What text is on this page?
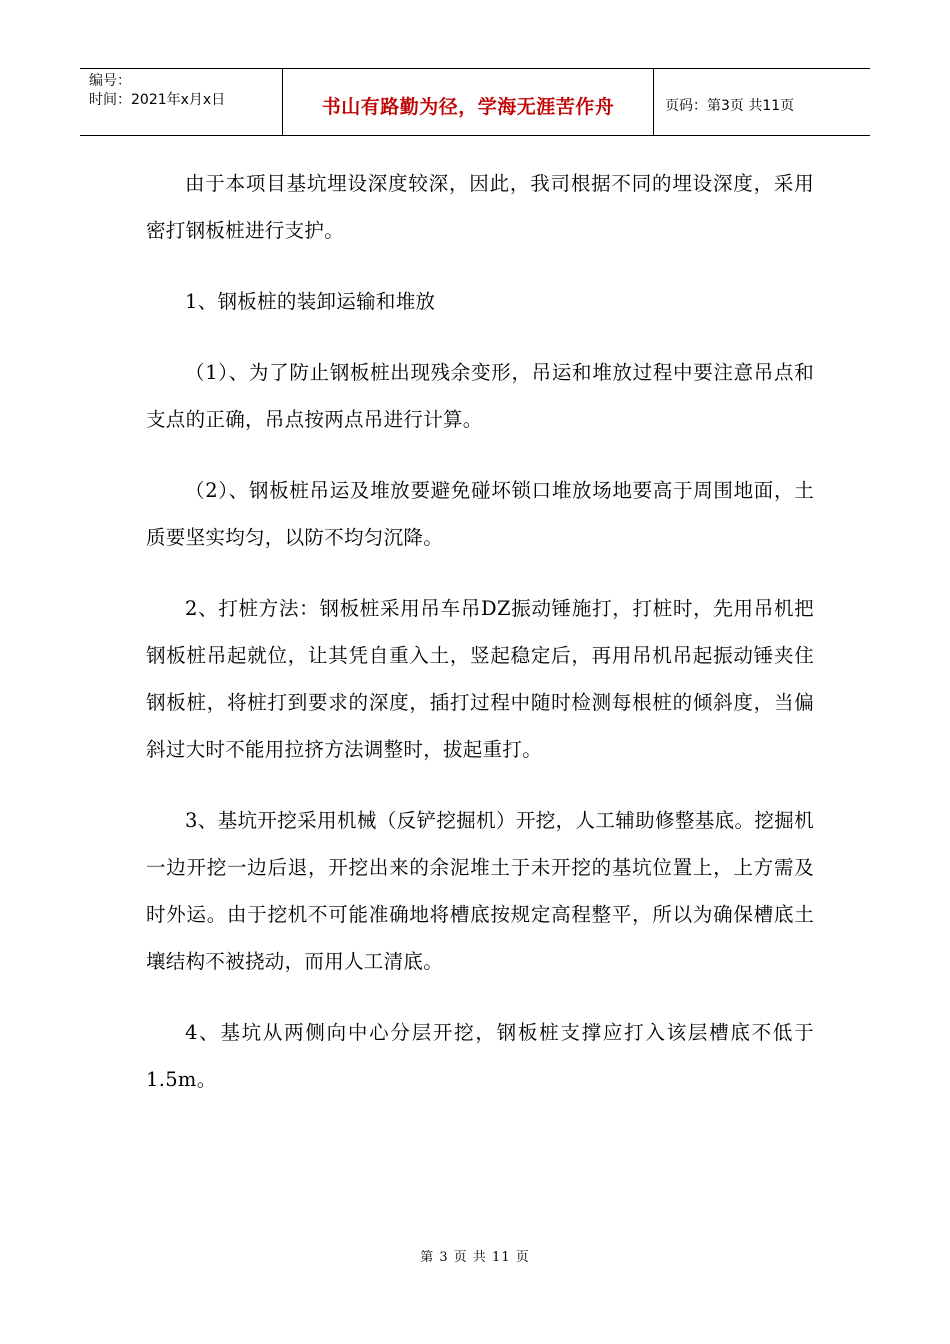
编号：
时间：2021年x月x日	书山有路勤为径，学海无涯苦作舟	页码：第3页 共11页

由于本项目基坑埋设深度较深，因此，我司根据不同的埋设深度，采用密打钢板桩进行支护。

1、钢板桩的装卸运输和堆放

（1）、为了防止钢板桩出现残余变形，吊运和堆放过程中要注意吊点和支点的正确，吊点按两点吊进行计算。

（2）、钢板桩吊运及堆放要避免碰坏锁口堆放场地要高于周围地面，土质要坚实均匀，以防不均匀沉降。

2、打桩方法：钢板桩采用吊车吊DZ振动锤施打，打桩时，先用吊机把钢板桩吊起就位，让其凭自重入土，竖起稳定后，再用吊机吊起振动锤夹住钢板桩，将桩打到要求的深度，插打过程中随时检测每根桩的倾斜度，当偏斜过大时不能用拉挤方法调整时，拔起重打。

3、基坑开挖采用机械（反铲挖掘机）开挖，人工辅助修整基底。挖掘机一边开挖一边后退，开挖出来的余泥堆土于未开挖的基坑位置上，上方需及时外运。由于挖机不可能准确地将槽底按规定高程整平，所以为确保槽底土壤结构不被挠动，而用人工清底。

4、基坑从两侧向中心分层开挖，钢板桩支撑应打入该层槽底不低于1.5m。

第 3 页 共 11 页
